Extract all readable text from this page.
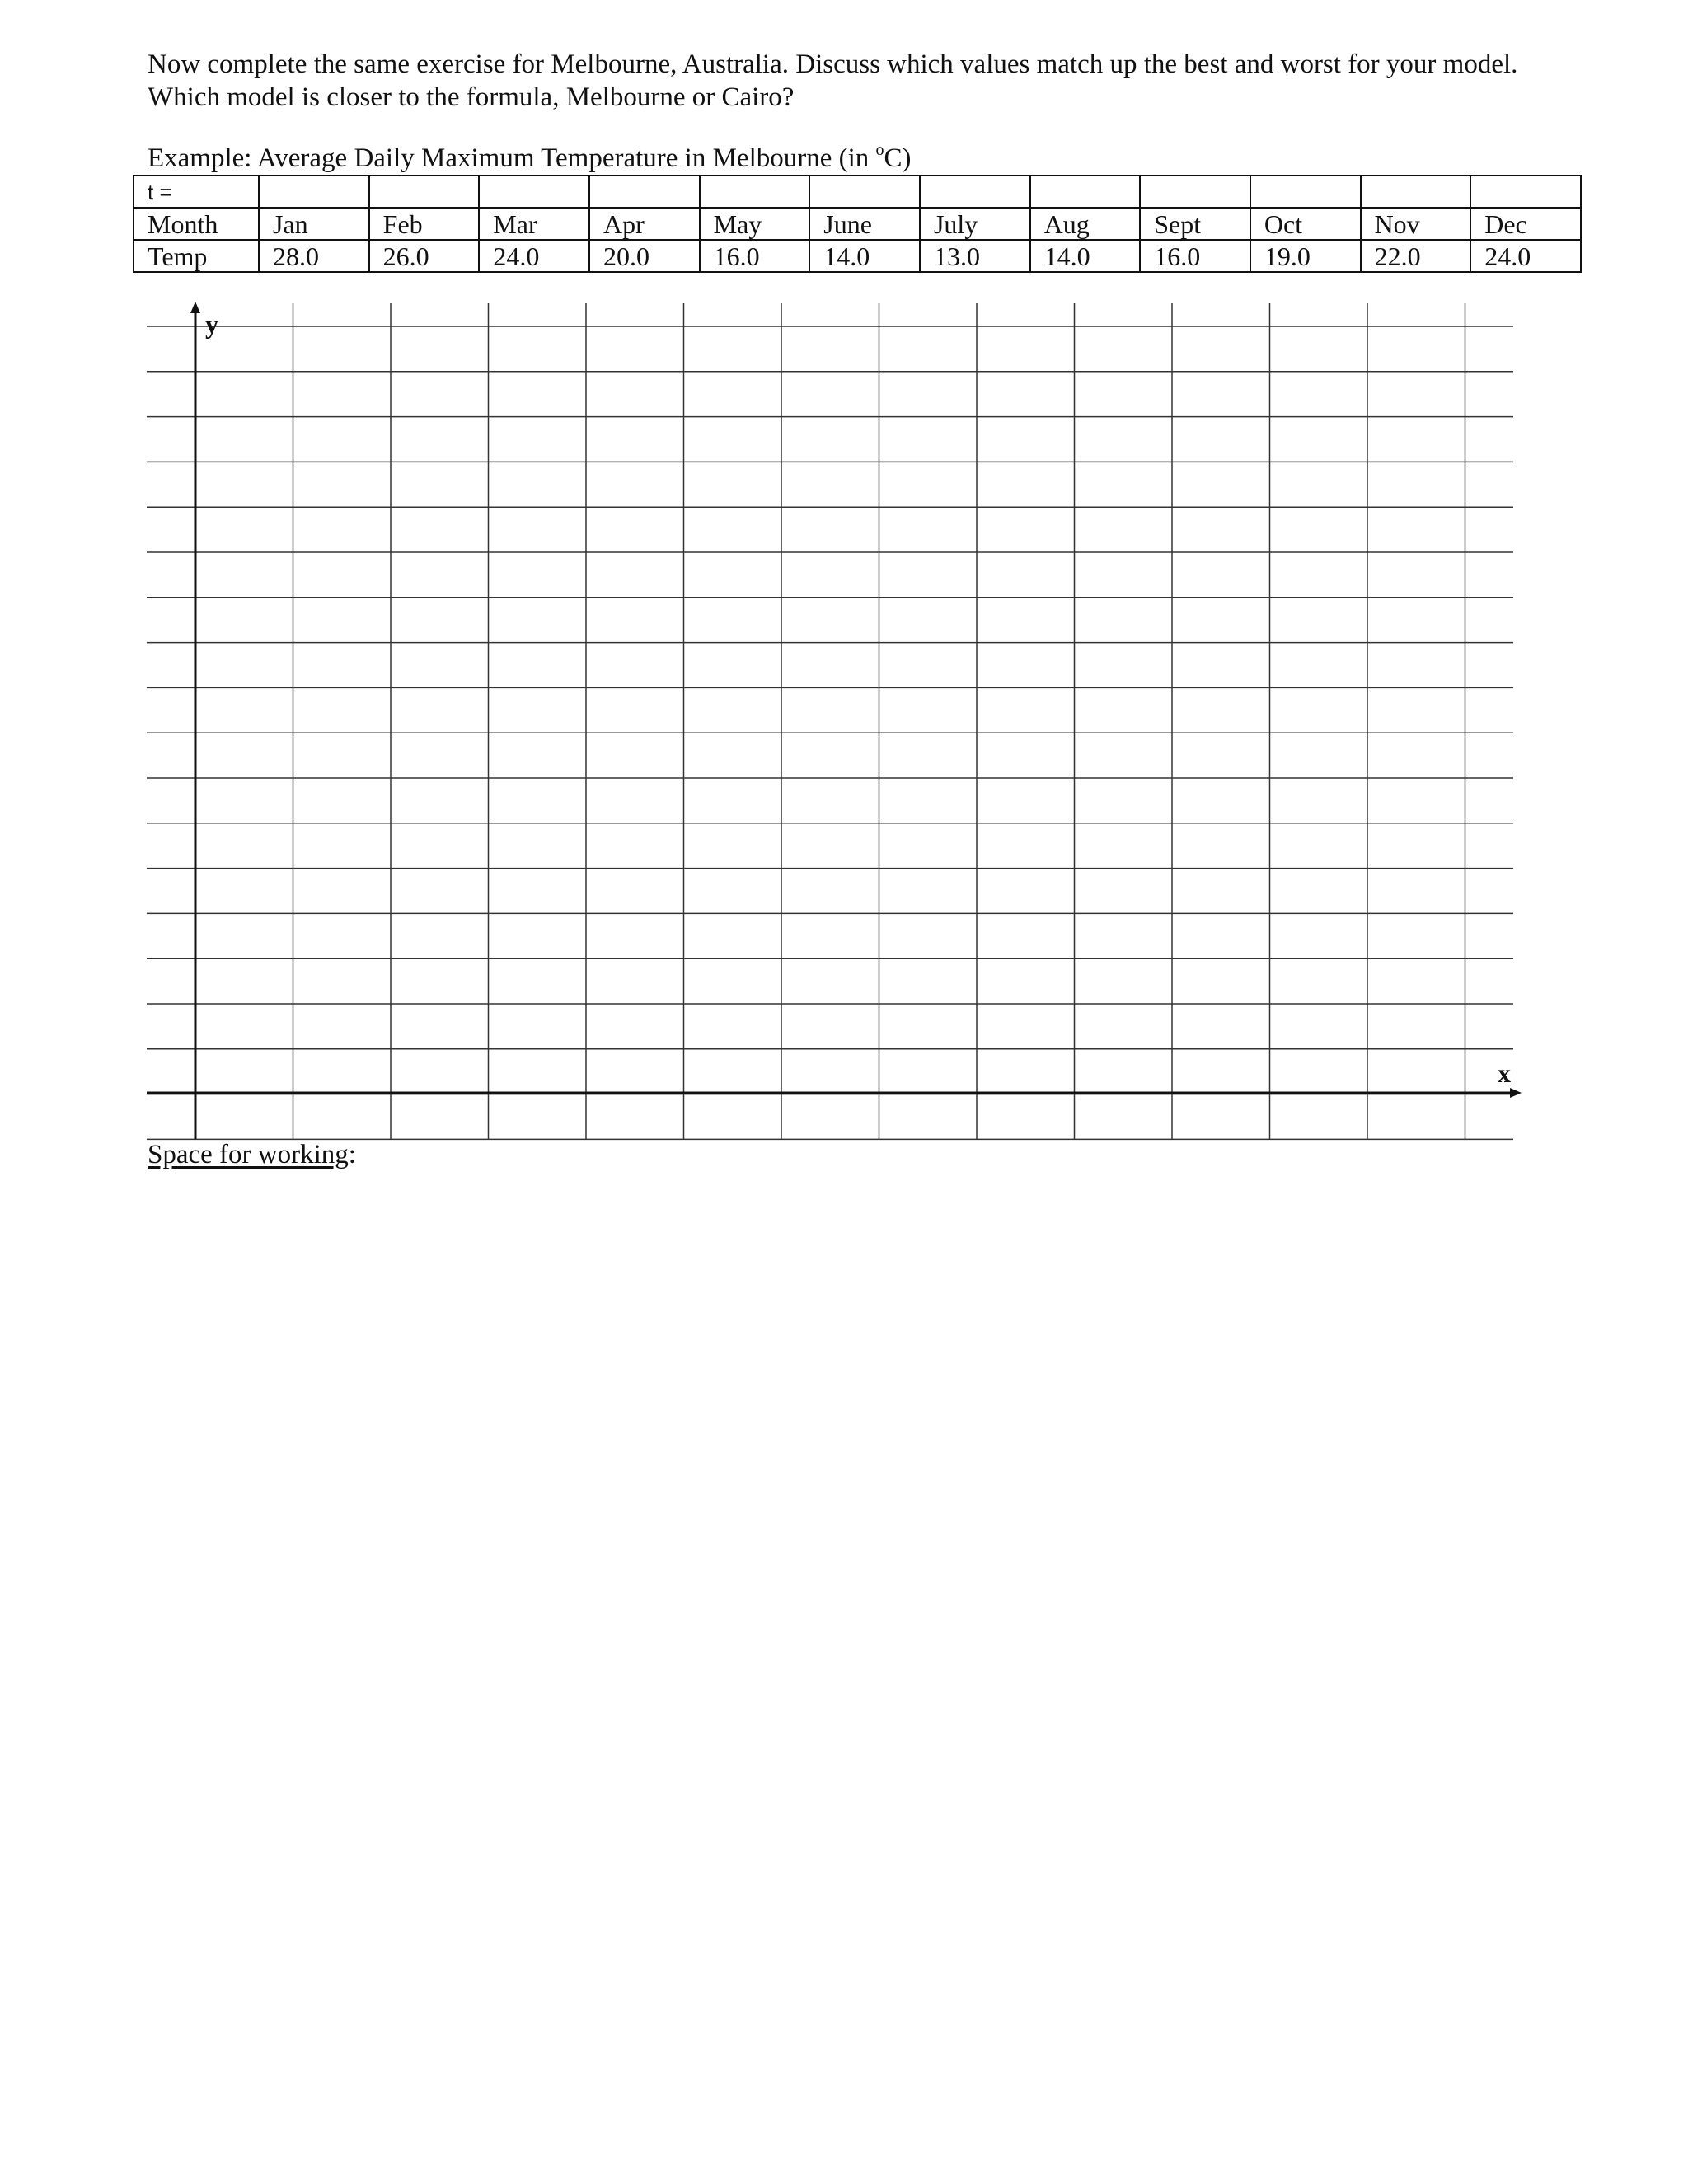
Now complete the same exercise for Melbourne, Australia. Discuss which values match up the best and worst for your model.

Which model is closer to the formula, Melbourne or Cairo?

Example: Average Daily Maximum Temperature in Melbourne (in $^o$C)
t =												
Month	Jan	Feb	Mar	Apr	May	June	July	Aug	Sept	Oct	Nov	Dec
Temp	28.0	26.0	24.0	20.0	16.0	14.0	13.0	14.0	16.0	19.0	22.0	24.0
y
x
Space for working:
